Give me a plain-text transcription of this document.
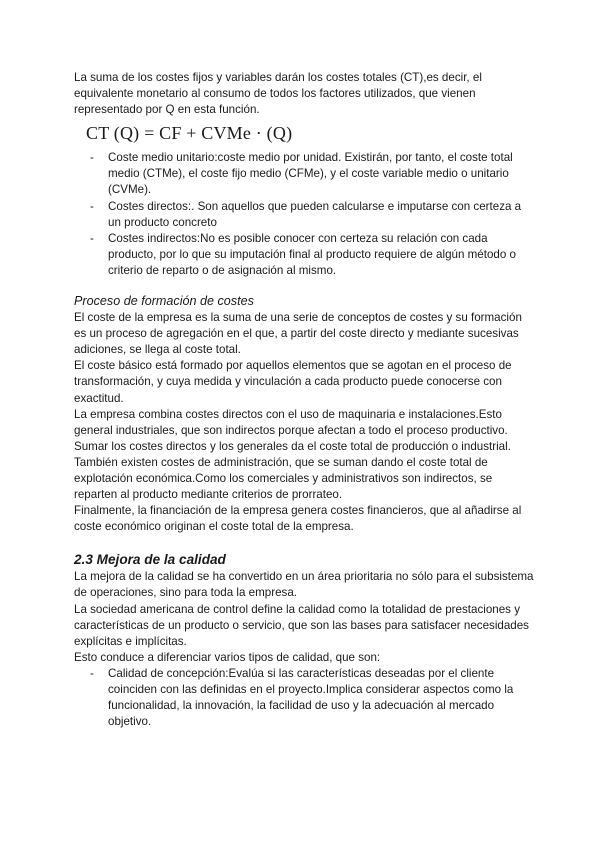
La suma de los costes fijos y variables darán los costes totales (CT),es decir, el equivalente monetario al consumo de todos los factores utilizados, que vienen representado por Q en esta función.

CT (Q) = CF + CVMe · (Q)
- Coste medio unitario:coste medio por unidad. Existirán, por tanto, el coste total medio (CTMe), el coste fijo medio (CFMe), y el coste variable medio o unitario (CVMe).
- Costes directos:. Son aquellos que pueden calcularse e imputarse con certeza a un producto concreto
- Costes indirectos:No es posible conocer con certeza su relación con cada producto, por lo que su imputación final al producto requiere de algún método o criterio de reparto o de asignación al mismo.
Proceso de formación de costes

El coste de la empresa es la suma de una serie de conceptos de costes y su formación es un proceso de agregación en el que, a partir del coste directo y mediante sucesivas adiciones, se llega al coste total.

El coste básico está formado por aquellos elementos que se agotan en el proceso de transformación, y cuya medida y vinculación a cada producto puede conocerse con exactitud.

La empresa combina costes directos con el uso de maquinaria e instalaciones.Esto general industriales, que son indirectos porque afectan a todo el proceso productivo. Sumar los costes directos y los generales da el coste total de producción o industrial.

También existen costes de administración, que se suman dando el coste total de explotación económica.Como los comerciales y administrativos son indirectos, se reparten al producto mediante criterios de prorrateo.

Finalmente, la financiación de la empresa genera costes financieros, que al añadirse al coste económico originan el coste total de la empresa.

2.3 Mejora de la calidad

La mejora de la calidad se ha convertido en un área prioritaria no sólo para el subsistema de operaciones, sino para toda la empresa.

La sociedad americana de control define la calidad como la totalidad de prestaciones y características de un producto o servicio, que son las bases para satisfacer necesidades explícitas e implícitas.

Esto conduce a diferenciar varios tipos de calidad, que son:

- Calidad de concepción:Evalúa si las características deseadas por el cliente coinciden con las definidas en el proyecto.Implica considerar aspectos como la funcionalidad, la innovación, la facilidad de uso y la adecuación al mercado objetivo.
